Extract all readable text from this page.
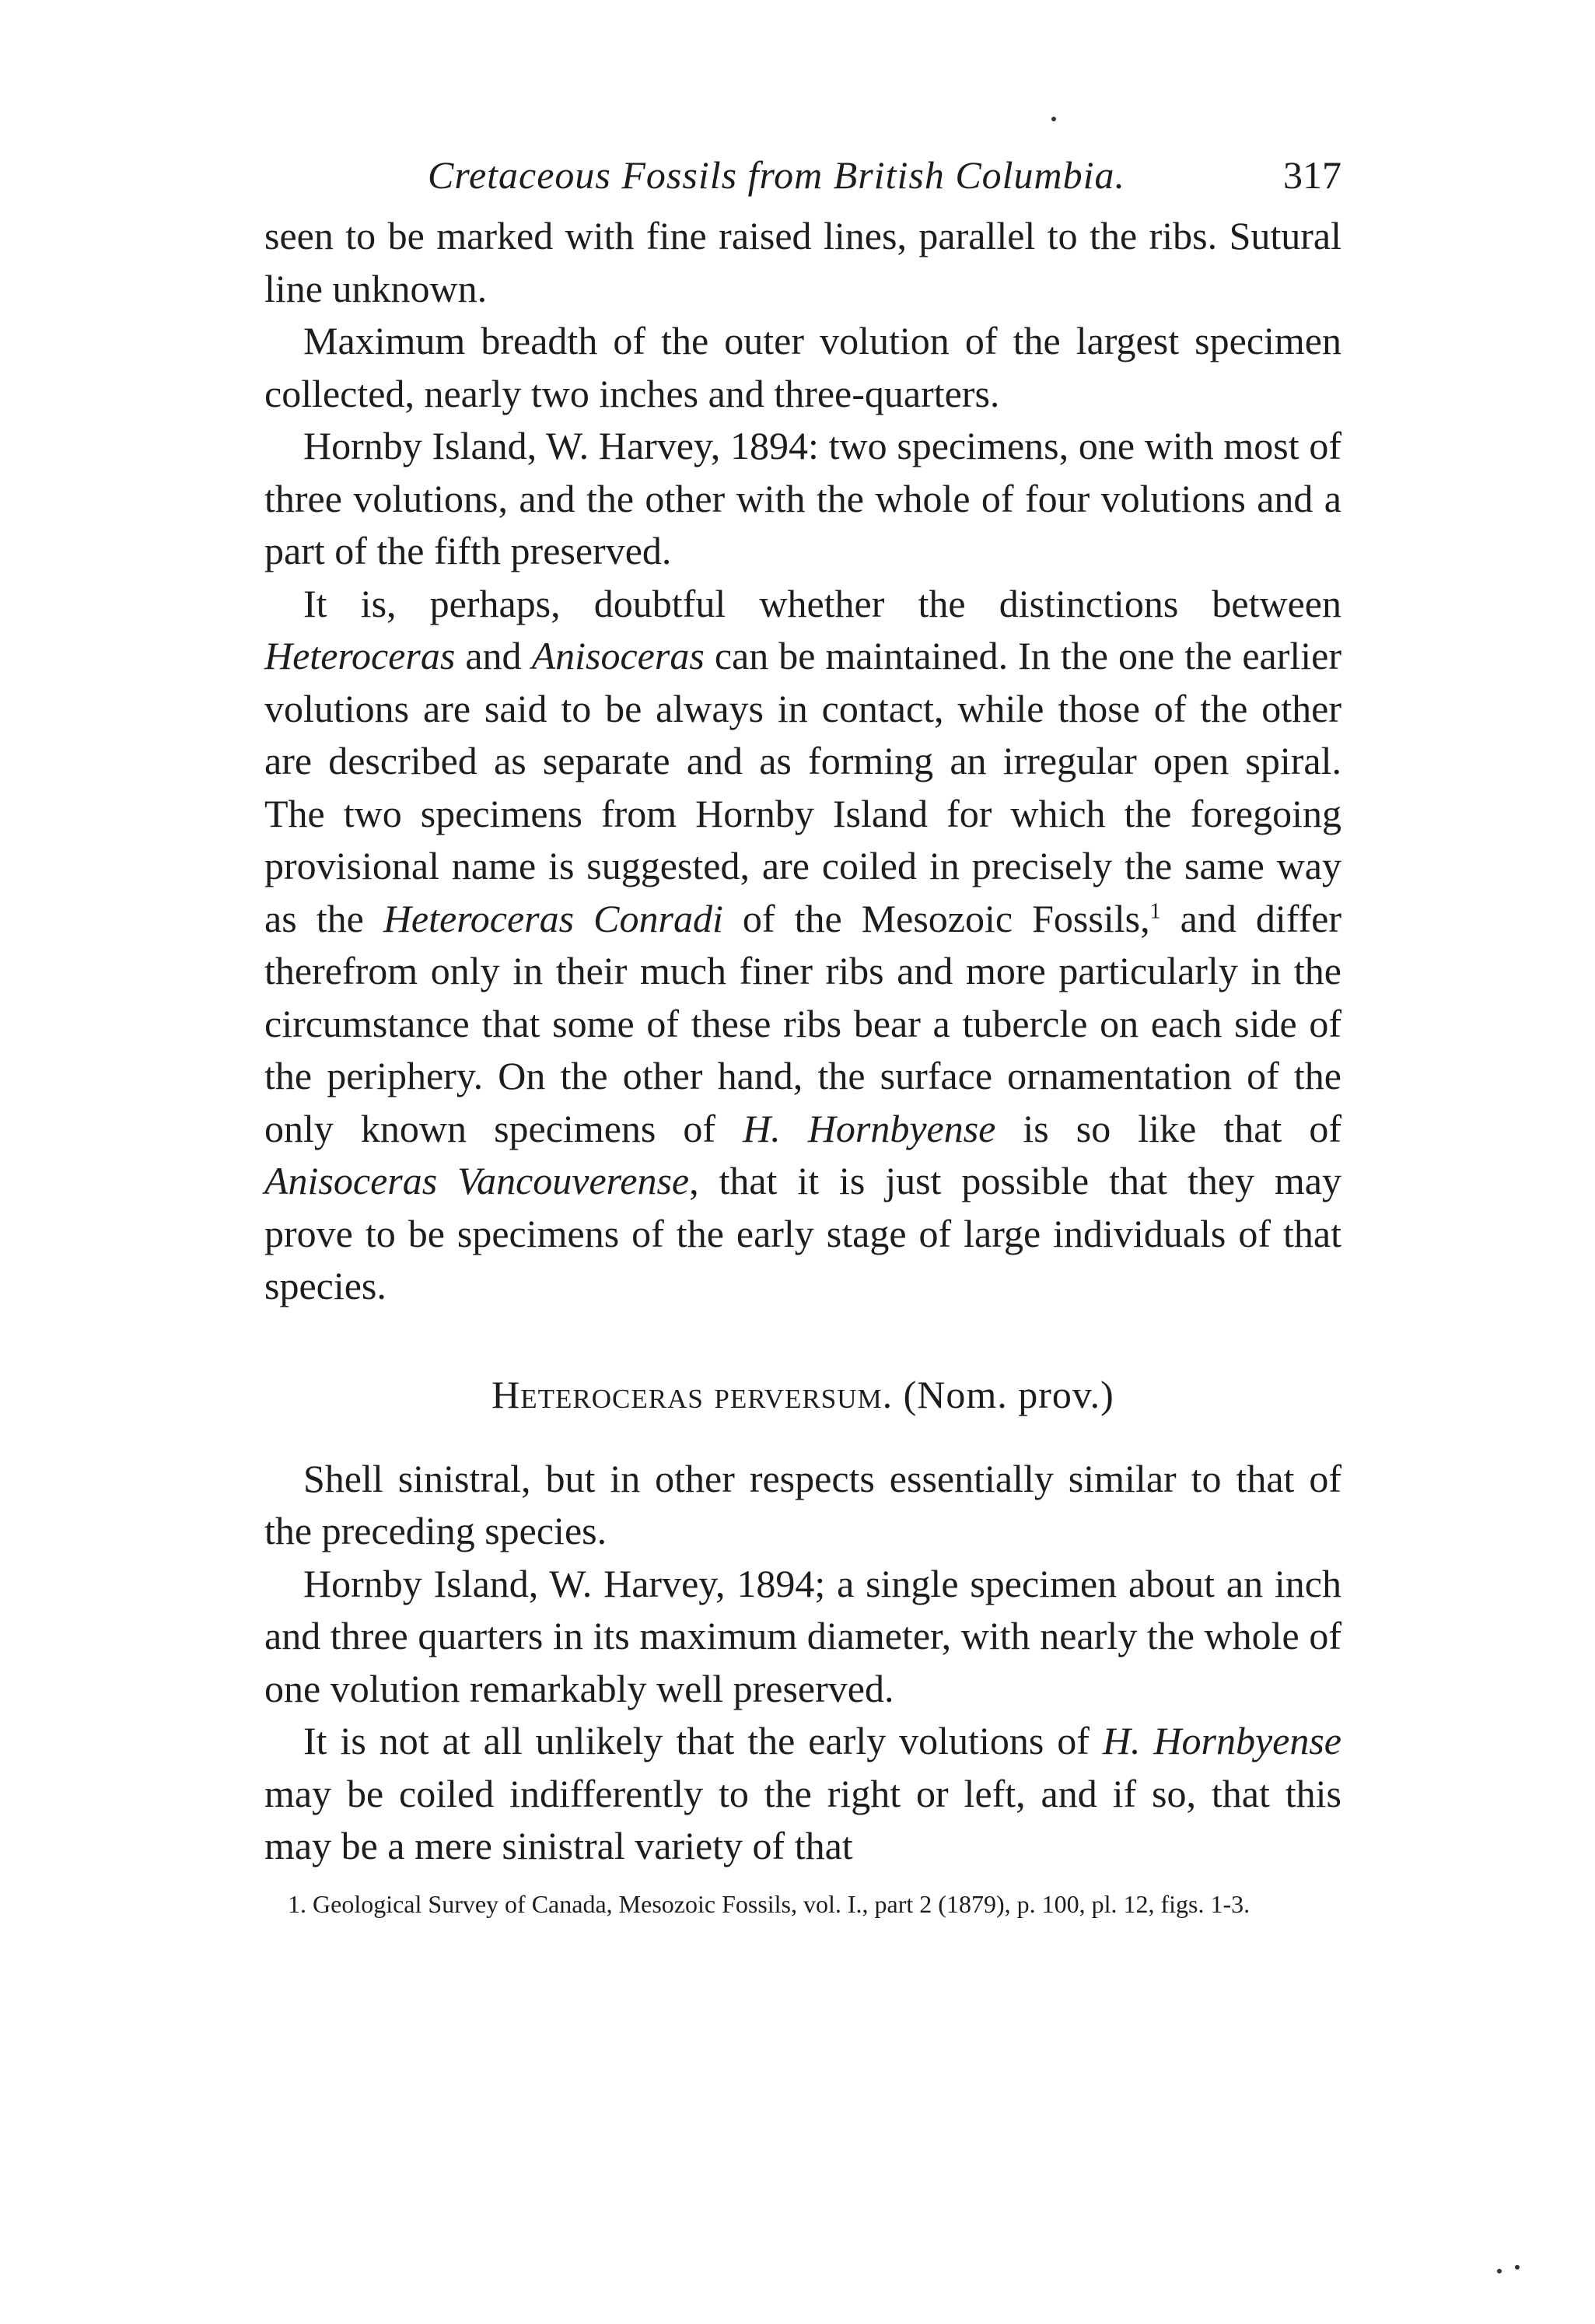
Cretaceous Fossils from British Columbia.	317

seen to be marked with fine raised lines, parallel to the ribs. Sutural line unknown.

Maximum breadth of the outer volution of the largest specimen collected, nearly two inches and three-quarters.

Hornby Island, W. Harvey, 1894: two specimens, one with most of three volutions, and the other with the whole of four volutions and a part of the fifth preserved.

It is, perhaps, doubtful whether the distinctions between Heteroceras and Anisoceras can be maintained. In the one the earlier volutions are said to be always in contact, while those of the other are described as separate and as forming an irregular open spiral. The two specimens from Hornby Island for which the foregoing provisional name is suggested, are coiled in precisely the same way as the Heteroceras Conradi of the Mesozoic Fossils,$^1$ and differ therefrom only in their much finer ribs and more particularly in the circumstance that some of these ribs bear a tubercle on each side of the periphery. On the other hand, the surface ornamentation of the only known specimens of H. Hornbyense is so like that of Anisoceras Vancouverense, that it is just possible that they may prove to be specimens of the early stage of large individuals of that species.

Heteroceras perversum. (Nom. prov.)

Shell sinistral, but in other respects essentially similar to that of the preceding species.

Hornby Island, W. Harvey, 1894; a single specimen about an inch and three quarters in its maximum diameter, with nearly the whole of one volution remarkably well preserved.

It is not at all unlikely that the early volutions of H. Hornbyense may be coiled indifferently to the right or left, and if so, that this may be a mere sinistral variety of that

1. Geological Survey of Canada, Mesozoic Fossils, vol. I., part 2 (1879), p. 100, pl. 12, figs. 1-3.
